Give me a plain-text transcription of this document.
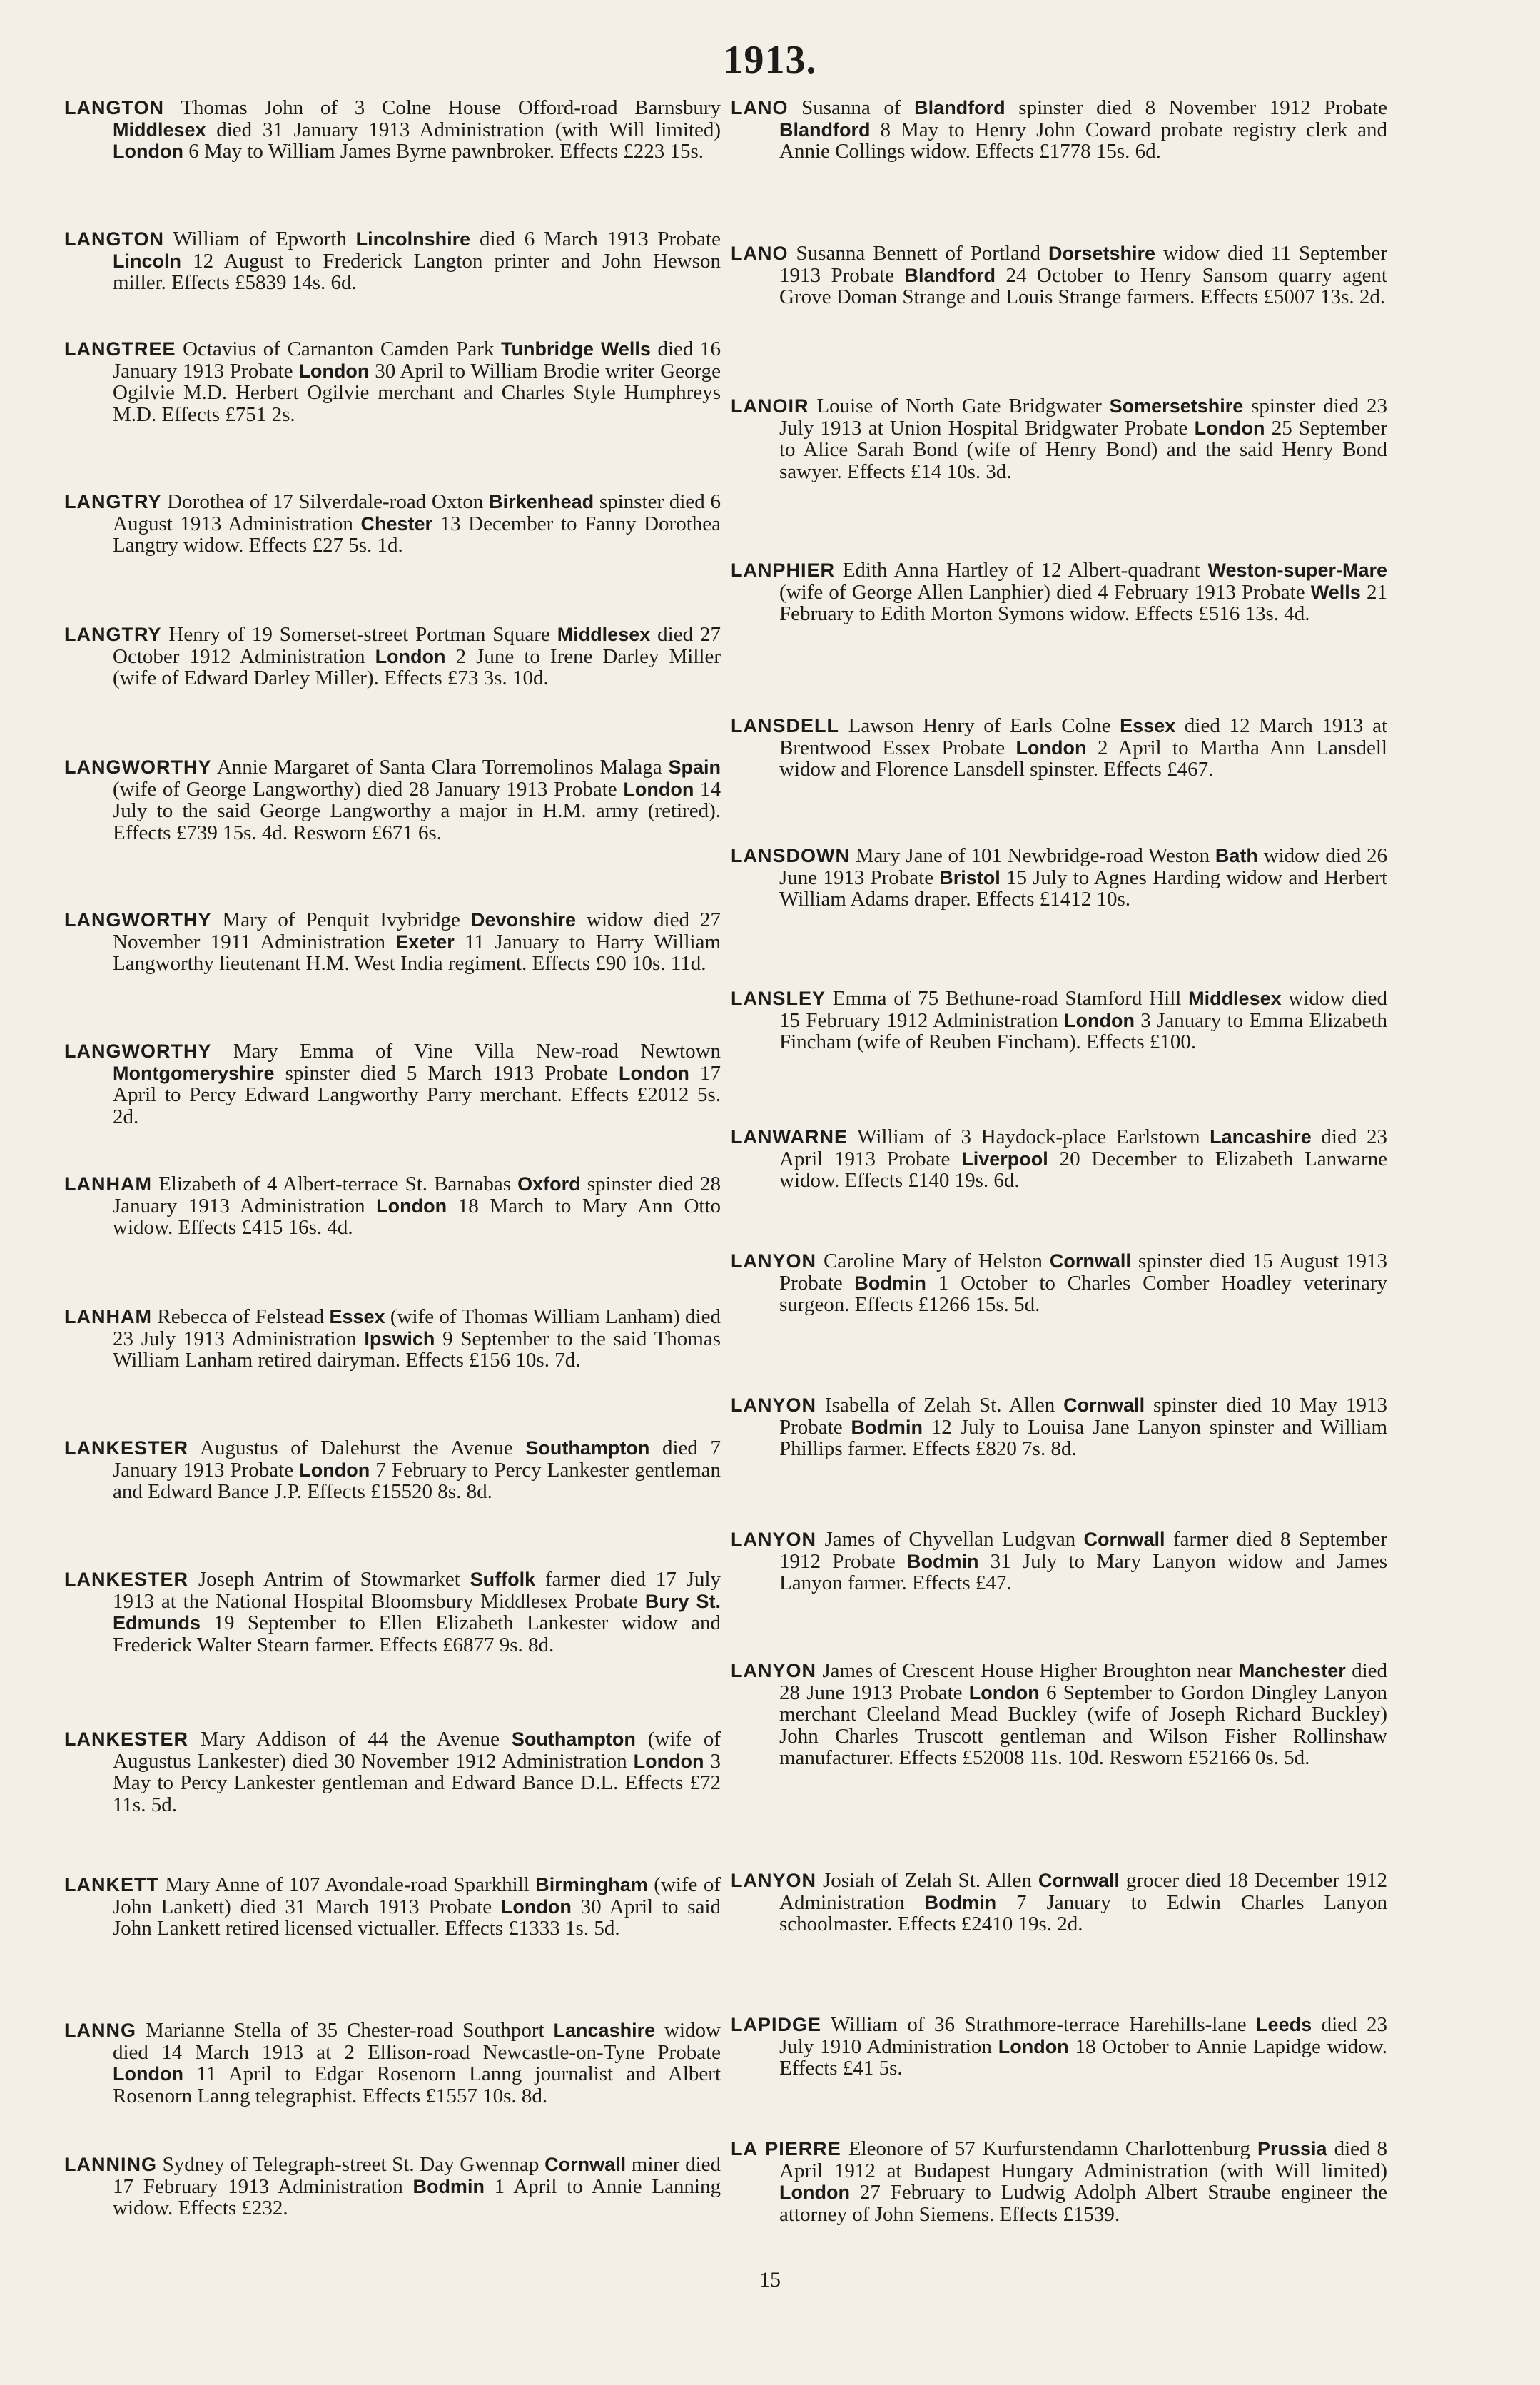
1913.
LANGTON Thomas John of 3 Colne House Offord-road Barnsbury Middlesex died 31 January 1913 Administration (with Will limited) London 6 May to William James Byrne pawnbroker. Effects £223 15s.
LANGTON William of Epworth Lincolnshire died 6 March 1913 Probate Lincoln 12 August to Frederick Langton printer and John Hewson miller. Effects £5839 14s. 6d.
LANGTREE Octavius of Carnanton Camden Park Tunbridge Wells died 16 January 1913 Probate London 30 April to William Brodie writer George Ogilvie M.D. Herbert Ogilvie merchant and Charles Style Humphreys M.D. Effects £751 2s.
LANGTRY Dorothea of 17 Silverdale-road Oxton Birkenhead spinster died 6 August 1913 Administration Chester 13 December to Fanny Dorothea Langtry widow. Effects £27 5s. 1d.
LANGTRY Henry of 19 Somerset-street Portman Square Middlesex died 27 October 1912 Administration London 2 June to Irene Darley Miller (wife of Edward Darley Miller). Effects £73 3s. 10d.
LANGWORTHY Annie Margaret of Santa Clara Torremolinos Malaga Spain (wife of George Langworthy) died 28 January 1913 Probate London 14 July to the said George Langworthy a major in H.M. army (retired). Effects £739 15s. 4d. Resworn £671 6s.
LANGWORTHY Mary of Penquit Ivybridge Devonshire widow died 27 November 1911 Administration Exeter 11 January to Harry William Langworthy lieutenant H.M. West India regiment. Effects £90 10s. 11d.
LANGWORTHY Mary Emma of Vine Villa New-road Newtown Montgomeryshire spinster died 5 March 1913 Probate London 17 April to Percy Edward Langworthy Parry merchant. Effects £2012 5s. 2d.
LANHAM Elizabeth of 4 Albert-terrace St. Barnabas Oxford spinster died 28 January 1913 Administration London 18 March to Mary Ann Otto widow. Effects £415 16s. 4d.
LANHAM Rebecca of Felstead Essex (wife of Thomas William Lanham) died 23 July 1913 Administration Ipswich 9 September to the said Thomas William Lanham retired dairyman. Effects £156 10s. 7d.
LANKESTER Augustus of Dalehurst the Avenue Southampton died 7 January 1913 Probate London 7 February to Percy Lankester gentleman and Edward Bance J.P. Effects £15520 8s. 8d.
LANKESTER Joseph Antrim of Stowmarket Suffolk farmer died 17 July 1913 at the National Hospital Bloomsbury Middlesex Probate Bury St. Edmunds 19 September to Ellen Elizabeth Lankester widow and Frederick Walter Stearn farmer. Effects £6877 9s. 8d.
LANKESTER Mary Addison of 44 the Avenue Southampton (wife of Augustus Lankester) died 30 November 1912 Administration London 3 May to Percy Lankester gentleman and Edward Bance D.L. Effects £72 11s. 5d.
LANKETT Mary Anne of 107 Avondale-road Sparkhill Birmingham (wife of John Lankett) died 31 March 1913 Probate London 30 April to said John Lankett retired licensed victualler. Effects £1333 1s. 5d.
LANNG Marianne Stella of 35 Chester-road Southport Lancashire widow died 14 March 1913 at 2 Ellison-road Newcastle-on-Tyne Probate London 11 April to Edgar Rosenorn Lanng journalist and Albert Rosenorn Lanng telegraphist. Effects £1557 10s. 8d.
LANNING Sydney of Telegraph-street St. Day Gwennap Cornwall miner died 17 February 1913 Administration Bodmin 1 April to Annie Lanning widow. Effects £232.
LANO Susanna of Blandford spinster died 8 November 1912 Probate Blandford 8 May to Henry John Coward probate registry clerk and Annie Collings widow. Effects £1778 15s. 6d.
LANO Susanna Bennett of Portland Dorsetshire widow died 11 September 1913 Probate Blandford 24 October to Henry Sansom quarry agent Grove Doman Strange and Louis Strange farmers. Effects £5007 13s. 2d.
LANOIR Louise of North Gate Bridgwater Somersetshire spinster died 23 July 1913 at Union Hospital Bridgwater Probate London 25 September to Alice Sarah Bond (wife of Henry Bond) and the said Henry Bond sawyer. Effects £14 10s. 3d.
LANPHIER Edith Anna Hartley of 12 Albert-quadrant Weston-super-Mare (wife of George Allen Lanphier) died 4 February 1913 Probate Wells 21 February to Edith Morton Symons widow. Effects £516 13s. 4d.
LANSDELL Lawson Henry of Earls Colne Essex died 12 March 1913 at Brentwood Essex Probate London 2 April to Martha Ann Lansdell widow and Florence Lansdell spinster. Effects £467.
LANSDOWN Mary Jane of 101 Newbridge-road Weston Bath widow died 26 June 1913 Probate Bristol 15 July to Agnes Harding widow and Herbert William Adams draper. Effects £1412 10s.
LANSLEY Emma of 75 Bethune-road Stamford Hill Middlesex widow died 15 February 1912 Administration London 3 January to Emma Elizabeth Fincham (wife of Reuben Fincham). Effects £100.
LANWARNE William of 3 Haydock-place Earlstown Lancashire died 23 April 1913 Probate Liverpool 20 December to Elizabeth Lanwarne widow. Effects £140 19s. 6d.
LANYON Caroline Mary of Helston Cornwall spinster died 15 August 1913 Probate Bodmin 1 October to Charles Comber Hoadley veterinary surgeon. Effects £1266 15s. 5d.
LANYON Isabella of Zelah St. Allen Cornwall spinster died 10 May 1913 Probate Bodmin 12 July to Louisa Jane Lanyon spinster and William Phillips farmer. Effects £820 7s. 8d.
LANYON James of Chyvellan Ludgvan Cornwall farmer died 8 September 1912 Probate Bodmin 31 July to Mary Lanyon widow and James Lanyon farmer. Effects £47.
LANYON James of Crescent House Higher Broughton near Manchester died 28 June 1913 Probate London 6 September to Gordon Dingley Lanyon merchant Cleeland Mead Buckley (wife of Joseph Richard Buckley) John Charles Truscott gentleman and Wilson Fisher Rollinshaw manufacturer. Effects £52008 11s. 10d. Resworn £52166 0s. 5d.
LANYON Josiah of Zelah St. Allen Cornwall grocer died 18 December 1912 Administration Bodmin 7 January to Edwin Charles Lanyon schoolmaster. Effects £2410 19s. 2d.
LAPIDGE William of 36 Strathmore-terrace Harehills-lane Leeds died 23 July 1910 Administration London 18 October to Annie Lapidge widow. Effects £41 5s.
LA PIERRE Eleonore of 57 Kurfurstendamn Charlottenburg Prussia died 8 April 1912 at Budapest Hungary Administration (with Will limited) London 27 February to Ludwig Adolph Albert Straube engineer the attorney of John Siemens. Effects £1539.
15
